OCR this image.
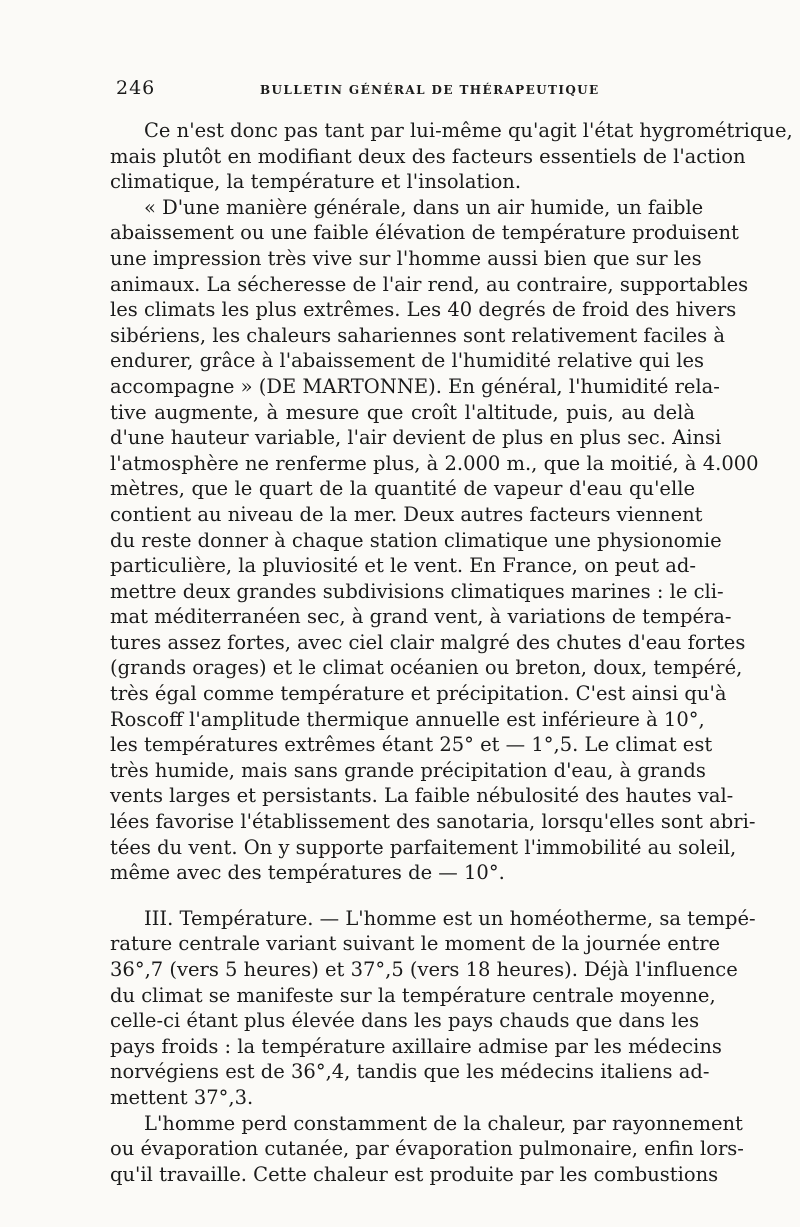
246	BULLETIN GÉNÉRAL DE THÉRAPEUTIQUE
Ce n'est donc pas tant par lui-même qu'agit l'état hygrométrique,
mais plutôt en modifiant deux des facteurs essentiels de l'action
climatique, la température et l'insolation.
« D'une manière générale, dans un air humide, un faible
abaissement ou une faible élévation de température produisent
une impression très vive sur l'homme aussi bien que sur les
animaux. La sécheresse de l'air rend, au contraire, supportables
les climats les plus extrêmes. Les 40 degrés de froid des hivers
sibériens, les chaleurs sahariennes sont relativement faciles à
endurer, grâce à l'abaissement de l'humidité relative qui les
accompagne » (DE MARTONNE). En général, l'humidité rela-
tive augmente, à mesure que croît l'altitude, puis, au delà
d'une hauteur variable, l'air devient de plus en plus sec. Ainsi
l'atmosphère ne renferme plus, à 2.000 m., que la moitié, à 4.000
mètres, que le quart de la quantité de vapeur d'eau qu'elle
contient au niveau de la mer. Deux autres facteurs viennent
du reste donner à chaque station climatique une physionomie
particulière, la pluviosité et le vent. En France, on peut ad-
mettre deux grandes subdivisions climatiques marines : le cli-
mat méditerranéen sec, à grand vent, à variations de tempéra-
tures assez fortes, avec ciel clair malgré des chutes d'eau fortes
(grands orages) et le climat océanien ou breton, doux, tempéré,
très égal comme température et précipitation. C'est ainsi qu'à
Roscoff l'amplitude thermique annuelle est inférieure à 10°,
les températures extrêmes étant 25° et — 1°,5. Le climat est
très humide, mais sans grande précipitation d'eau, à grands
vents larges et persistants. La faible nébulosité des hautes val-
lées favorise l'établissement des sanotaria, lorsqu'elles sont abri-
tées du vent. On y supporte parfaitement l'immobilité au soleil,
même avec des températures de — 10°.
III. Température. — L'homme est un homéotherme, sa tempé-
rature centrale variant suivant le moment de la journée entre
36°,7 (vers 5 heures) et 37°,5 (vers 18 heures). Déjà l'influence
du climat se manifeste sur la température centrale moyenne,
celle-ci étant plus élevée dans les pays chauds que dans les
pays froids : la température axillaire admise par les médecins
norvégiens est de 36°,4, tandis que les médecins italiens ad-
mettent 37°,3.
L'homme perd constamment de la chaleur, par rayonnement
ou évaporation cutanée, par évaporation pulmonaire, enfin lors-
qu'il travaille. Cette chaleur est produite par les combustions
